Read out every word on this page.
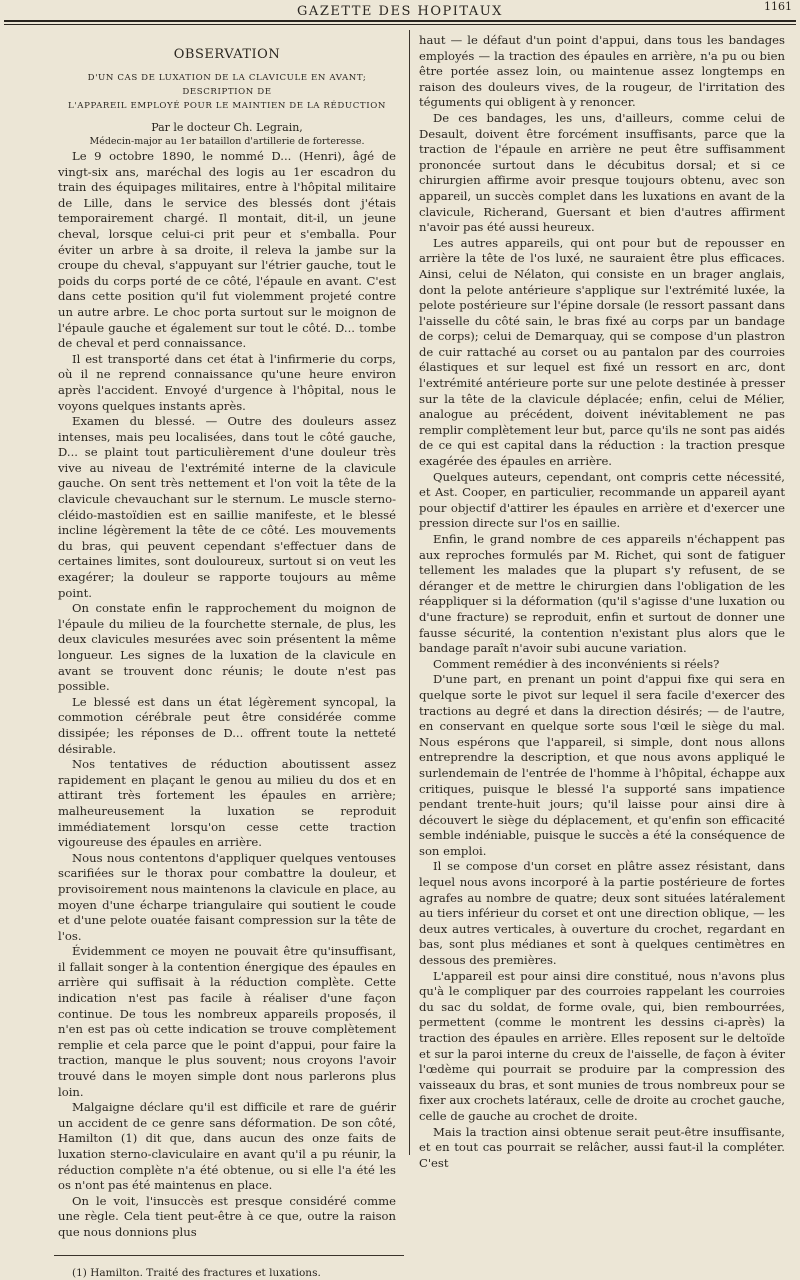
GAZETTE DES HOPITAUX	1161
OBSERVATION
D'UN CAS DE LUXATION DE LA CLAVICULE EN AVANT; DESCRIPTION DE
L'APPAREIL EMPLOYÉ POUR LE MAINTIEN DE LA RÉDUCTION

Par le docteur Ch. Legrain,

Médecin-major au 1er bataillon d'artillerie de forteresse.

Le 9 octobre 1890, le nommé D... (Henri), âgé de vingt-six ans, maréchal des logis au 1er escadron du train des équipages militaires, entre à l'hôpital militaire de Lille, dans le service des blessés dont j'étais temporairement chargé. Il montait, dit-il, un jeune cheval, lorsque celui-ci prit peur et s'emballa. Pour éviter un arbre à sa droite, il releva la jambe sur la croupe du cheval, s'appuyant sur l'étrier gauche, tout le poids du corps porté de ce côté, l'épaule en avant. C'est dans cette position qu'il fut violemment projeté contre un autre arbre. Le choc porta surtout sur le moignon de l'épaule gauche et également sur tout le côté. D... tombe de cheval et perd connaissance.

Il est transporté dans cet état à l'infirmerie du corps, où il ne reprend connaissance qu'une heure environ après l'accident. Envoyé d'urgence à l'hôpital, nous le voyons quelques instants après.

Examen du blessé. — Outre des douleurs assez intenses, mais peu localisées, dans tout le côté gauche, D... se plaint tout particulièrement d'une douleur très vive au niveau de l'extrémité interne de la clavicule gauche. On sent très nettement et l'on voit la tête de la clavicule chevauchant sur le sternum. Le muscle sterno-cléido-mastoïdien est en saillie manifeste, et le blessé incline légèrement la tête de ce côté. Les mouvements du bras, qui peuvent cependant s'effectuer dans de certaines limites, sont douloureux, surtout si on veut les exagérer; la douleur se rapporte toujours au même point.

On constate enfin le rapprochement du moignon de l'épaule du milieu de la fourchette sternale, de plus, les deux clavicules mesurées avec soin présentent la même longueur. Les signes de la luxation de la clavicule en avant se trouvent donc réunis; le doute n'est pas possible.

Le blessé est dans un état légèrement syncopal, la commotion cérébrale peut être considérée comme dissipée; les réponses de D... offrent toute la netteté désirable.

Nos tentatives de réduction aboutissent assez rapidement en plaçant le genou au milieu du dos et en attirant très fortement les épaules en arrière; malheureusement la luxation se reproduit immédiatement lorsqu'on cesse cette traction vigoureuse des épaules en arrière.

Nous nous contentons d'appliquer quelques ventouses scarifiées sur le thorax pour combattre la douleur, et provisoirement nous maintenons la clavicule en place, au moyen d'une écharpe triangulaire qui soutient le coude et d'une pelote ouatée faisant compression sur la tête de l'os.

Évidemment ce moyen ne pouvait être qu'insuffisant, il fallait songer à la contention énergique des épaules en arrière qui suffisait à la réduction complète. Cette indication n'est pas facile à réaliser d'une façon continue. De tous les nombreux appareils proposés, il n'en est pas où cette indication se trouve complètement remplie et cela parce que le point d'appui, pour faire la traction, manque le plus souvent; nous croyons l'avoir trouvé dans le moyen simple dont nous parlerons plus loin.

Malgaigne déclare qu'il est difficile et rare de guérir un accident de ce genre sans déformation. De son côté, Hamilton (1) dit que, dans aucun des onze faits de luxation sterno-claviculaire en avant qu'il a pu réunir, la réduction complète n'a été obtenue, ou si elle l'a été les os n'ont pas été maintenus en place.

On le voit, l'insuccès est presque considéré comme une règle. Cela tient peut-être à ce que, outre la raison que nous donnions plus

(1) Hamilton. Traité des fractures et luxations.

haut — le défaut d'un point d'appui, dans tous les bandages employés — la traction des épaules en arrière, n'a pu ou bien être portée assez loin, ou maintenue assez longtemps en raison des douleurs vives, de la rougeur, de l'irritation des téguments qui obligent à y renoncer.

De ces bandages, les uns, d'ailleurs, comme celui de Desault, doivent être forcément insuffisants, parce que la traction de l'épaule en arrière ne peut être suffisamment prononcée surtout dans le décubitus dorsal; et si ce chirurgien affirme avoir presque toujours obtenu, avec son appareil, un succès complet dans les luxations en avant de la clavicule, Richerand, Guersant et bien d'autres affirment n'avoir pas été aussi heureux.

Les autres appareils, qui ont pour but de repousser en arrière la tête de l'os luxé, ne sauraient être plus efficaces. Ainsi, celui de Nélaton, qui consiste en un brager anglais, dont la pelote antérieure s'applique sur l'extrémité luxée, la pelote postérieure sur l'épine dorsale (le ressort passant dans l'aisselle du côté sain, le bras fixé au corps par un bandage de corps); celui de Demarquay, qui se compose d'un plastron de cuir rattaché au corset ou au pantalon par des courroies élastiques et sur lequel est fixé un ressort en arc, dont l'extrémité antérieure porte sur une pelote destinée à presser sur la tête de la clavicule déplacée; enfin, celui de Mélier, analogue au précédent, doivent inévitablement ne pas remplir complètement leur but, parce qu'ils ne sont pas aidés de ce qui est capital dans la réduction : la traction presque exagérée des épaules en arrière.

Quelques auteurs, cependant, ont compris cette nécessité, et Ast. Cooper, en particulier, recommande un appareil ayant pour objectif d'attirer les épaules en arrière et d'exercer une pression directe sur l'os en saillie.

Enfin, le grand nombre de ces appareils n'échappent pas aux reproches formulés par M. Richet, qui sont de fatiguer tellement les malades que la plupart s'y refusent, de se déranger et de mettre le chirurgien dans l'obligation de les réappliquer si la déformation (qu'il s'agisse d'une luxation ou d'une fracture) se reproduit, enfin et surtout de donner une fausse sécurité, la contention n'existant plus alors que le bandage paraît n'avoir subi aucune variation.

Comment remédier à des inconvénients si réels?

D'une part, en prenant un point d'appui fixe qui sera en quelque sorte le pivot sur lequel il sera facile d'exercer des tractions au degré et dans la direction désirés; — de l'autre, en conservant en quelque sorte sous l'œil le siège du mal. Nous espérons que l'appareil, si simple, dont nous allons entreprendre la description, et que nous avons appliqué le surlendemain de l'entrée de l'homme à l'hôpital, échappe aux critiques, puisque le blessé l'a supporté sans impatience pendant trente-huit jours; qu'il laisse pour ainsi dire à découvert le siège du déplacement, et qu'enfin son efficacité semble indéniable, puisque le succès a été la conséquence de son emploi.

Il se compose d'un corset en plâtre assez résistant, dans lequel nous avons incorporé à la partie postérieure de fortes agrafes au nombre de quatre; deux sont situées latéralement au tiers inférieur du corset et ont une direction oblique, — les deux autres verticales, à ouverture du crochet, regardant en bas, sont plus médianes et sont à quelques centimètres en dessous des premières.

L'appareil est pour ainsi dire constitué, nous n'avons plus qu'à le compliquer par des courroies rappelant les courroies du sac du soldat, de forme ovale, qui, bien rembourrées, permettent (comme le montrent les dessins ci-après) la traction des épaules en arrière. Elles reposent sur le deltoïde et sur la paroi interne du creux de l'aisselle, de façon à éviter l'œdème qui pourrait se produire par la compression des vaisseaux du bras, et sont munies de trous nombreux pour se fixer aux crochets latéraux, celle de droite au crochet gauche, celle de gauche au crochet de droite.

Mais la traction ainsi obtenue serait peut-être insuffisante, et en tout cas pourrait se relâcher, aussi faut-il la compléter. C'est
